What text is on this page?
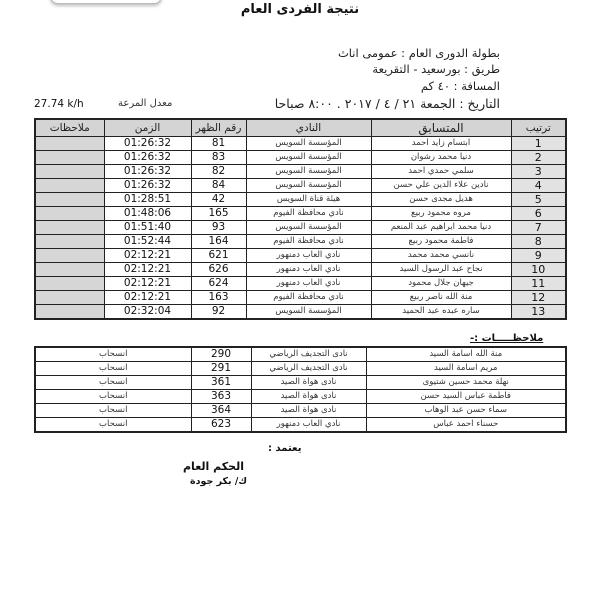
نتيجة الفردى العام
بطولة الدورى العام : عمومى اناث
طريق : بورسعيد - التقريعة
المسافة : ٤٠ كم
التاريخ : الجمعة ٢١ / ٤ / ٢٠١٧ . ٨:٠٠ صباحا
27.74 k/h	معدل المرعة
ملاحظات	الزمن	رقم الظهر	النادي	المتسابق	ترتيب
	01:26:32	81	المؤسسة السويس	ابتسام زايد احمد	1
	01:26:32	83	المؤسسة السويس	دنيا محمد رشوان	2
	01:26:32	82	المؤسسة السويس	سلمي حمدي احمد	3
	01:26:32	84	المؤسسة السويس	نادين علاء الدين علي حسن	4
	01:28:51	42	هيئة قناة السويس	هديل مجدى حسن	5
	01:48:06	165	نادي محافظة الفيوم	مروه محمود ربيع	6
	01:51:40	93	المؤسسة السويس	دنيا محمد ابراهيم عبد المنعم	7
	01:52:44	164	نادي محافظة الفيوم	فاطمة محمود ربيع	8
	02:12:21	621	نادي العاب دمنهور	نانسي محمد محمد	9
	02:12:21	626	نادي العاب دمنهور	نجاح عبد الرسول السيد	10
	02:12:21	624	نادي العاب دمنهور	جيهان جلال محمود	11
	02:12:21	163	نادي محافظة الفيوم	منة الله ناصر ربيع	12
	02:32:04	92	المؤسسة السويس	ساره عبده عبد الحميد	13
ملاحظـــــات :-
انسحاب	290	نادى التجديف الرياضي	منة الله اسامة السيد
انسحاب	291	نادى التجديف الرياضي	مريم اسامة السيد
انسحاب	361	نادى هواة الصيد	نهلة محمد حسين شتيوى
انسحاب	363	نادى هواة الصيد	فاطمة عباس السيد حسن
انسحاب	364	نادى هواة الصيد	سماء حسن عبد الوهاب
انسحاب	623	نادي العاب دمنهور	حسناء احمد عباس
يعتمد :
الحكم العام
ك/ بكر جودة
